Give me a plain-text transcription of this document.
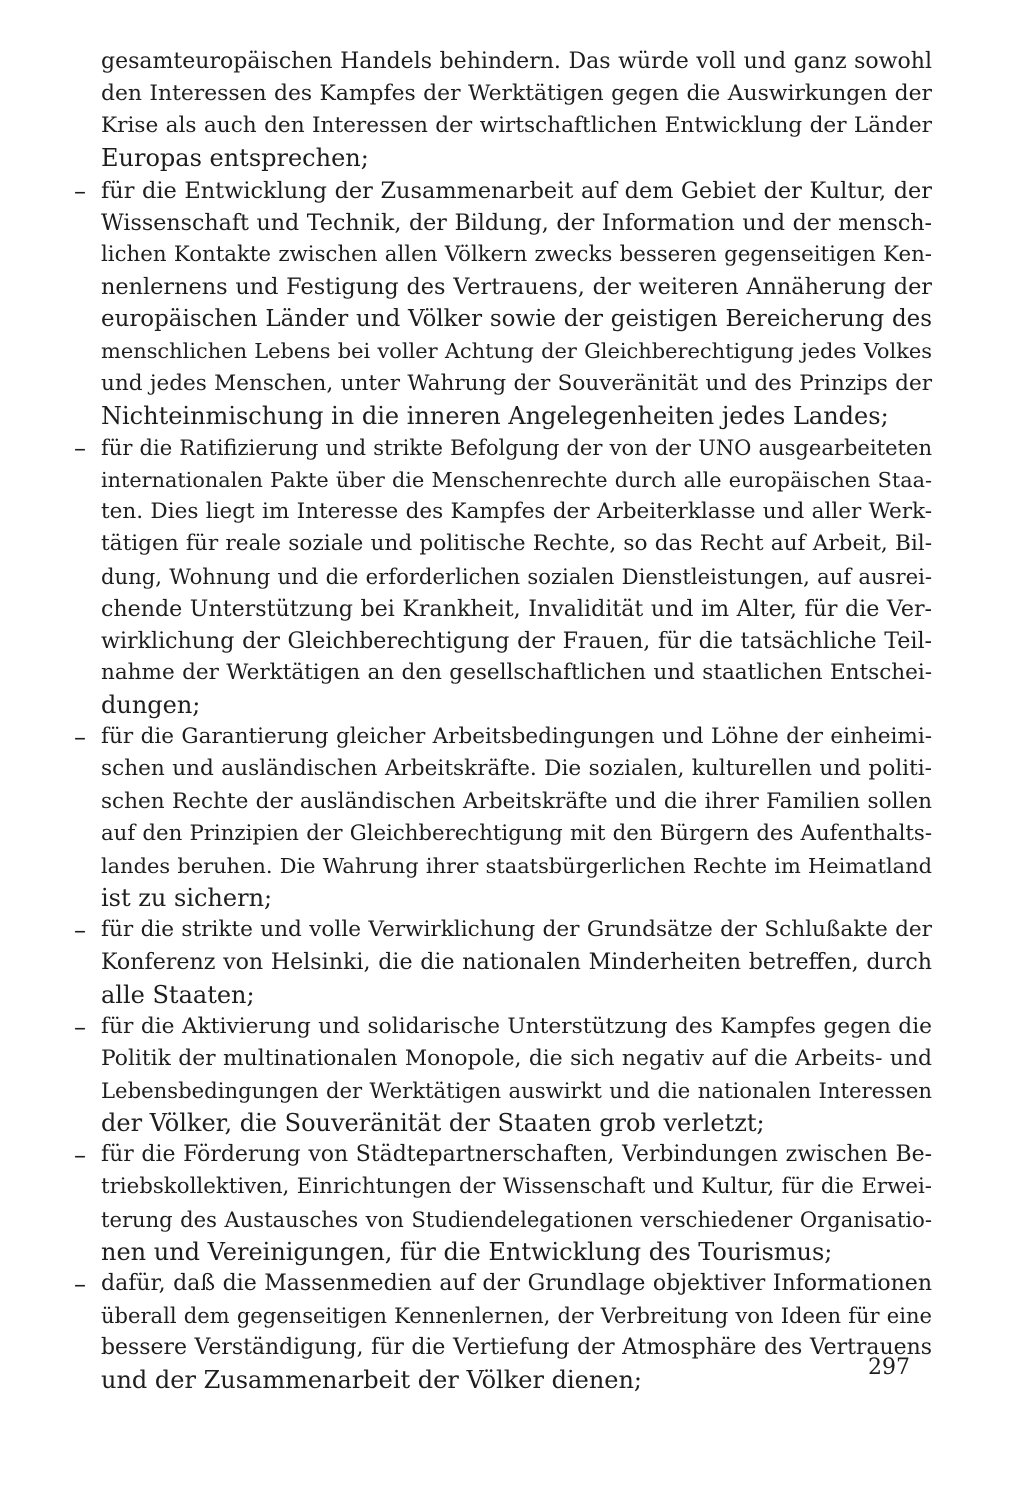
gesamteuropäischen Handels behindern. Das würde voll und ganz sowohl
den Interessen des Kampfes der Werktätigen gegen die Auswirkungen der
Krise als auch den Interessen der wirtschaftlichen Entwicklung der Länder
Europas entsprechen;
– für die Entwicklung der Zusammenarbeit auf dem Gebiet der Kultur, der
Wissenschaft und Technik, der Bildung, der Information und der mensch-
lichen Kontakte zwischen allen Völkern zwecks besseren gegenseitigen Ken-
nenlernens und Festigung des Vertrauens, der weiteren Annäherung der
europäischen Länder und Völker sowie der geistigen Bereicherung des
menschlichen Lebens bei voller Achtung der Gleichberechtigung jedes Volkes
und jedes Menschen, unter Wahrung der Souveränität und des Prinzips der
Nichteinmischung in die inneren Angelegenheiten jedes Landes;
– für die Ratifizierung und strikte Befolgung der von der UNO ausgearbeiteten
internationalen Pakte über die Menschenrechte durch alle europäischen Staa-
ten. Dies liegt im Interesse des Kampfes der Arbeiterklasse und aller Werk-
tätigen für reale soziale und politische Rechte, so das Recht auf Arbeit, Bil-
dung, Wohnung und die erforderlichen sozialen Dienstleistungen, auf ausrei-
chende Unterstützung bei Krankheit, Invalidität und im Alter, für die Ver-
wirklichung der Gleichberechtigung der Frauen, für die tatsächliche Teil-
nahme der Werktätigen an den gesellschaftlichen und staatlichen Entschei-
dungen;
– für die Garantierung gleicher Arbeitsbedingungen und Löhne der einheimi-
schen und ausländischen Arbeitskräfte. Die sozialen, kulturellen und politi-
schen Rechte der ausländischen Arbeitskräfte und die ihrer Familien sollen
auf den Prinzipien der Gleichberechtigung mit den Bürgern des Aufenthalts-
landes beruhen. Die Wahrung ihrer staatsbürgerlichen Rechte im Heimatland
ist zu sichern;
– für die strikte und volle Verwirklichung der Grundsätze der Schlußakte der
Konferenz von Helsinki, die die nationalen Minderheiten betreffen, durch
alle Staaten;
– für die Aktivierung und solidarische Unterstützung des Kampfes gegen die
Politik der multinationalen Monopole, die sich negativ auf die Arbeits- und
Lebensbedingungen der Werktätigen auswirkt und die nationalen Interessen
der Völker, die Souveränität der Staaten grob verletzt;
– für die Förderung von Städtepartnerschaften, Verbindungen zwischen Be-
triebskollektiven, Einrichtungen der Wissenschaft und Kultur, für die Erwei-
terung des Austausches von Studiendelegationen verschiedener Organisatio-
nen und Vereinigungen, für die Entwicklung des Tourismus;
– dafür, daß die Massenmedien auf der Grundlage objektiver Informationen
überall dem gegenseitigen Kennenlernen, der Verbreitung von Ideen für eine
bessere Verständigung, für die Vertiefung der Atmosphäre des Vertrauens
und der Zusammenarbeit der Völker dienen;	297
